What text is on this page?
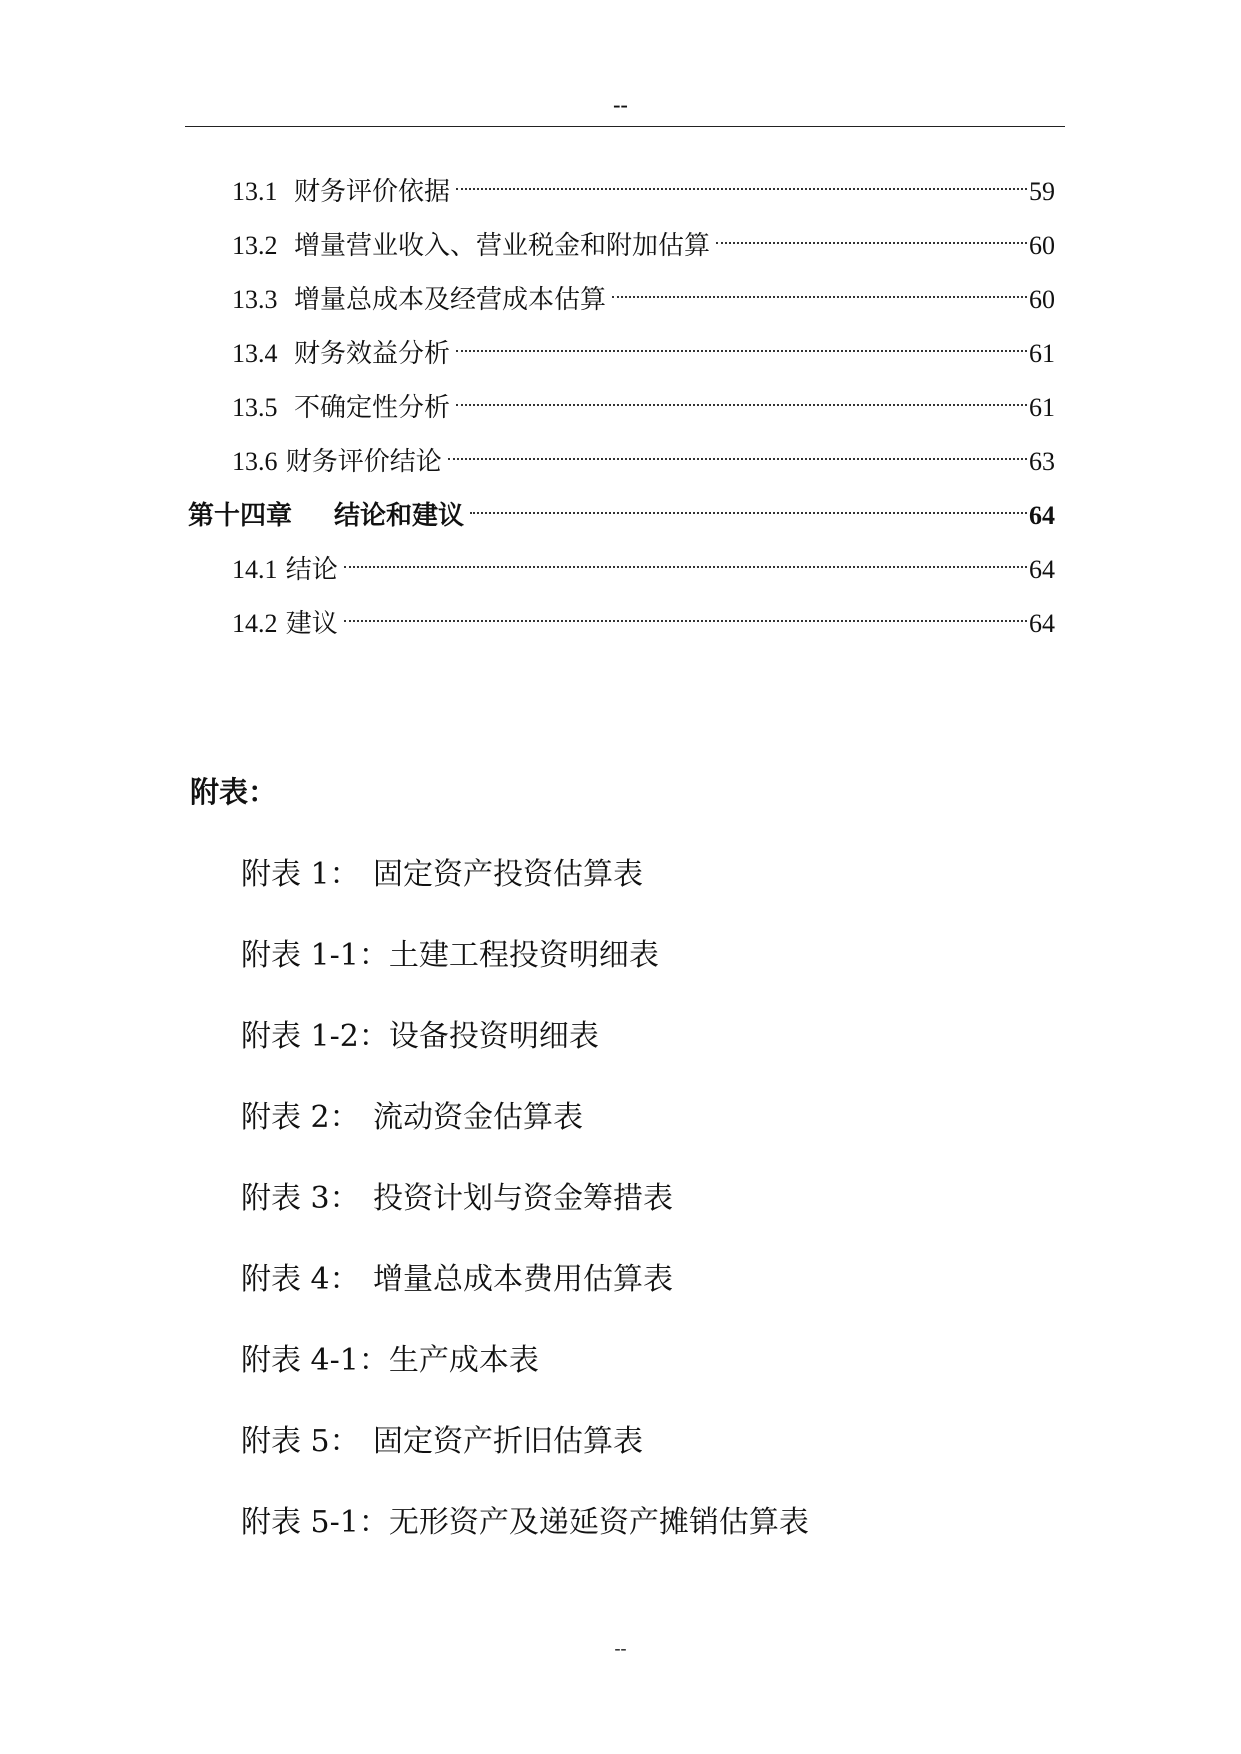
--
13.1 财务评价依据	59
13.2 增量营业收入、营业税金和附加估算	60
13.3 增量总成本及经营成本估算	60
13.4 财务效益分析	61
13.5 不确定性分析	61
13.6 财务评价结论	63
第十四章 结论和建议	64
14.1 结论	64
14.2 建议	64
附表：
附表 1： 固定资产投资估算表
附表 1-1：土建工程投资明细表
附表 1-2：设备投资明细表
附表 2： 流动资金估算表
附表 3： 投资计划与资金筹措表
附表 4： 增量总成本费用估算表
附表 4-1：生产成本表
附表 5： 固定资产折旧估算表
附表 5-1：无形资产及递延资产摊销估算表
--
